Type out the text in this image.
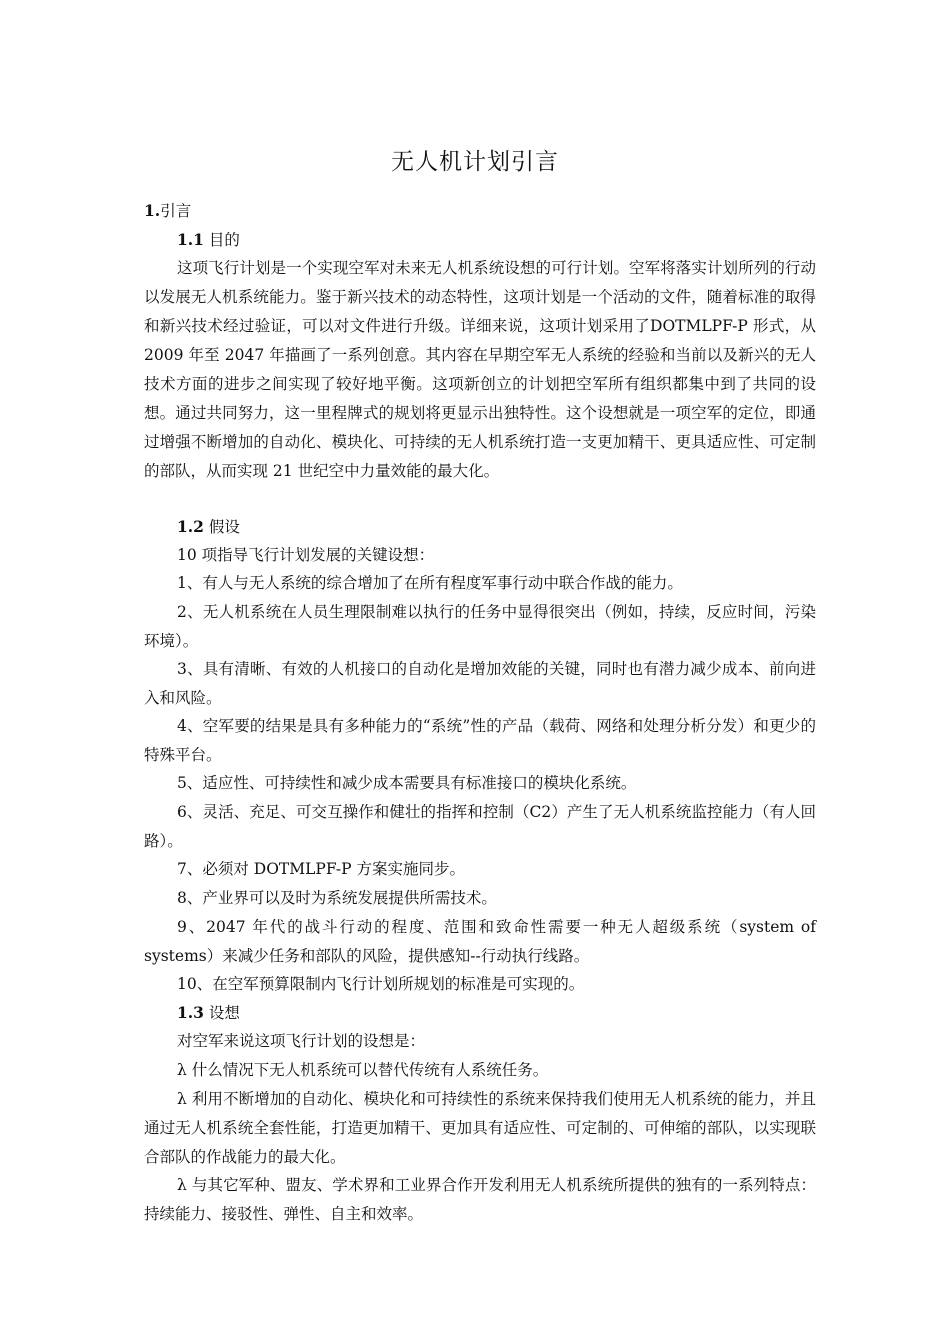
无人机计划引言
1.引言
1.1 目的
这项飞行计划是一个实现空军对未来无人机系统设想的可行计划。空军将落实计划所列的行动以发展无人机系统能力。鉴于新兴技术的动态特性，这项计划是一个活动的文件，随着标准的取得和新兴技术经过验证，可以对文件进行升级。详细来说，这项计划采用了DOTMLPF-P 形式，从 2009 年至 2047 年描画了一系列创意。其内容在早期空军无人系统的经验和当前以及新兴的无人技术方面的进步之间实现了较好地平衡。这项新创立的计划把空军所有组织都集中到了共同的设想。通过共同努力，这一里程牌式的规划将更显示出独特性。这个设想就是一项空军的定位，即通过增强不断增加的自动化、模块化、可持续的无人机系统打造一支更加精干、更具适应性、可定制的部队，从而实现 21 世纪空中力量效能的最大化。
1.2 假设
10 项指导飞行计划发展的关键设想：
1、有人与无人系统的综合增加了在所有程度军事行动中联合作战的能力。
2、无人机系统在人员生理限制难以执行的任务中显得很突出（例如，持续，反应时间，污染环境）。
3、具有清晰、有效的人机接口的自动化是增加效能的关键，同时也有潜力减少成本、前向进入和风险。
4、空军要的结果是具有多种能力的“系统”性的产品（载荷、网络和处理分析分发）和更少的特殊平台。
5、适应性、可持续性和减少成本需要具有标准接口的模块化系统。
6、灵活、充足、可交互操作和健壮的指挥和控制（C2）产生了无人机系统监控能力（有人回路）。
7、必须对 DOTMLPF-P 方案实施同步。
8、产业界可以及时为系统发展提供所需技术。
9、2047 年代的战斗行动的程度、范围和致命性需要一种无人超级系统（system of systems）来减少任务和部队的风险，提供感知--行动执行线路。
10、在空军预算限制内飞行计划所规划的标准是可实现的。
1.3 设想
对空军来说这项飞行计划的设想是：
λ 什么情况下无人机系统可以替代传统有人系统任务。
λ 利用不断增加的自动化、模块化和可持续性的系统来保持我们使用无人机系统的能力，并且通过无人机系统全套性能，打造更加精干、更加具有适应性、可定制的、可伸缩的部队，以实现联合部队的作战能力的最大化。
λ 与其它军种、盟友、学术界和工业界合作开发利用无人机系统所提供的独有的一系列特点：持续能力、接驳性、弹性、自主和效率。
